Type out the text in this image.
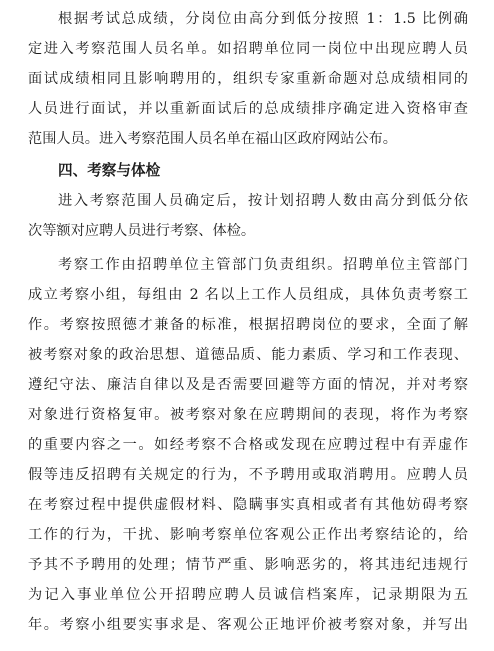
根据考试总成绩，分岗位由高分到低分按照 1：1.5 比例确
定进入考察范围人员名单。如招聘单位同一岗位中出现应聘人员
面试成绩相同且影响聘用的，组织专家重新命题对总成绩相同的
人员进行面试，并以重新面试后的总成绩排序确定进入资格审查
范围人员。进入考察范围人员名单在福山区政府网站公布。
四、考察与体检
进入考察范围人员确定后，按计划招聘人数由高分到低分依
次等额对应聘人员进行考察、体检。
考察工作由招聘单位主管部门负责组织。招聘单位主管部门
成立考察小组，每组由 2 名以上工作人员组成，具体负责考察工
作。考察按照德才兼备的标准，根据招聘岗位的要求，全面了解
被考察对象的政治思想、道德品质、能力素质、学习和工作表现、
遵纪守法、廉洁自律以及是否需要回避等方面的情况，并对考察
对象进行资格复审。被考察对象在应聘期间的表现，将作为考察
的重要内容之一。如经考察不合格或发现在应聘过程中有弄虚作
假等违反招聘有关规定的行为，不予聘用或取消聘用。应聘人员
在考察过程中提供虚假材料、隐瞒事实真相或者有其他妨碍考察
工作的行为，干扰、影响考察单位客观公正作出考察结论的，给
予其不予聘用的处理；情节严重、影响恶劣的，将其违纪违规行
为记入事业单位公开招聘应聘人员诚信档案库，记录期限为五
年。考察小组要实事求是、客观公正地评价被考察对象，并写出
